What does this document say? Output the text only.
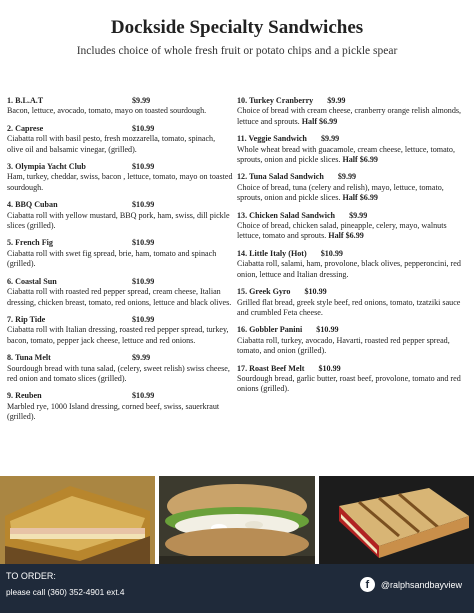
Dockside Specialty Sandwiches
Includes choice of whole fresh fruit or potato chips and a pickle spear
1. B.L.A.T	$9.99
Bacon, lettuce, avocado, tomato, mayo on toasted sourdough.
2. Caprese	$10.99
Ciabatta roll with basil pesto, fresh mozzarella, tomato, spinach, olive oil and balsamic vinegar, (grilled).
3. Olympia Yacht Club	$10.99
Ham, turkey, cheddar, swiss, bacon , lettuce, tomato, mayo on toasted sourdough.
4. BBQ Cuban	$10.99
Ciabatta roll with yellow mustard, BBQ pork, ham, swiss, dill pickle slices (grilled).
5. French Fig	$10.99
Ciabatta roll with swet fig spread, brie, ham, tomato and spinach (grilled).
6. Coastal Sun	$10.99
Ciabatta roll with roasted red pepper spread, cream cheese, Italian dressing, chicken breast, tomato, red onions, lettuce and black olives.
7. Rip Tide	$10.99
Ciabatta roll with Italian dressing, roasted red pepper spread, turkey, bacon, tomato, pepper jack cheese, lettuce and red onions.
8. Tuna Melt	$9.99
Sourdough bread with tuna salad, (celery, sweet relish) swiss cheese, red onion and tomato slices (grilled).
9. Reuben	$10.99
Marbled rye, 1000 Island dressing, corned beef, swiss, sauerkraut (grilled).
10. Turkey Cranberry $9.99
Choice of bread with cream cheese, cranberry orange relish almonds, lettuce and sprouts. Half $6.99
11. Veggie Sandwich $9.99
Whole wheat bread with guacamole, cream cheese, lettuce, tomato, sprouts, onion and pickle slices. Half $6.99
12. Tuna Salad Sandwich $9.99
Choice of bread, tuna (celery and relish), mayo, lettuce, tomato, sprouts, onion and pickle slices. Half $6.99
13. Chicken Salad Sandwich $9.99
Choice of bread, chicken salad, pineapple, celery, mayo, walnuts lettuce, tomato and sprouts. Half $6.99
14. Little Italy (Hot) $10.99
Ciabatta roll, salami, ham, provolone, black olives, pepperoncini, red onion, lettuce and Italian dressing.
15. Greek Gyro $10.99
Grilled flat bread, greek style beef, red onions, tomato, tzatziki sauce and crumbled Feta cheese.
16. Gobbler Panini $10.99
Ciabatta roll, turkey, avocado, Havarti, roasted red pepper spread, tomato, and onion (grilled).
17. Roast Beef Melt $10.99
Sourdough bread, garlic butter, roast beef, provolone, tomato and red onions (grilled).
TO ORDER:
please call (360) 352-4901 ext.4
f	@ralphsandbayview
